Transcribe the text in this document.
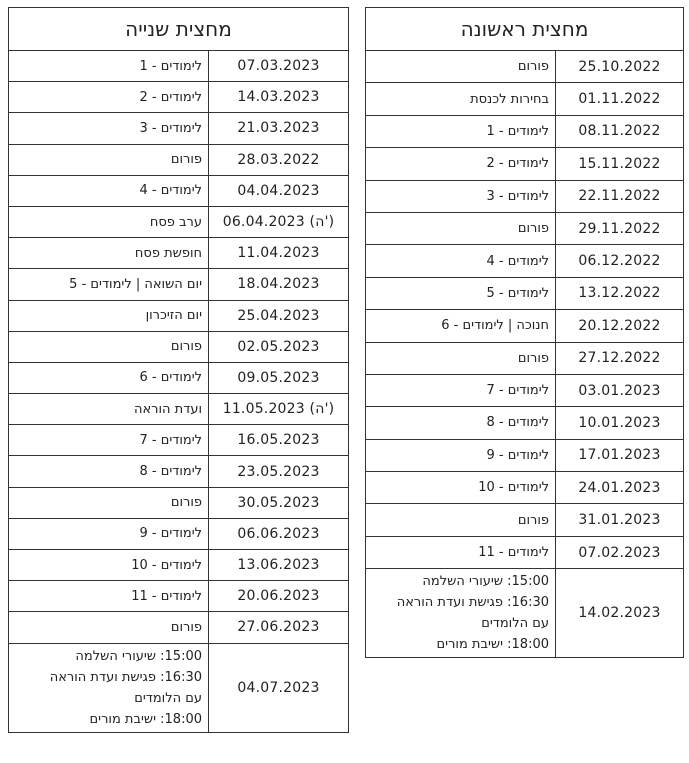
מחצית ראשונה	
25.10.2022	פורום
01.11.2022	בחירות לכנסת
08.11.2022	לימודים - 1
15.11.2022	לימודים - 2
22.11.2022	לימודים - 3
29.11.2022	פורום
06.12.2022	לימודים - 4
13.12.2022	לימודים - 5
20.12.2022	חנוכה | לימודים - 6
27.12.2022	פורום
03.01.2023	לימודים - 7
10.01.2023	לימודים - 8
17.01.2023	לימודים - 9
24.01.2023	לימודים - 10
31.01.2023	פורום
07.02.2023	לימודים - 11
14.02.2023	15:00: שיעורי השלמה
16:30: פגישת ועדת הוראה
עם הלומדים
18:00: ישיבת מורים
מחצית שנייה	
07.03.2023	לימודים - 1
14.03.2023	לימודים - 2
21.03.2023	לימודים - 3
28.03.2022	פורום
04.04.2023	לימודים - 4
06.04.2023 (ה')	ערב פסח
11.04.2023	חופשת פסח
18.04.2023	יום השואה | לימודים - 5
25.04.2023	יום הזיכרון
02.05.2023	פורום
09.05.2023	לימודים - 6
11.05.2023 (ה')	ועדת הוראה
16.05.2023	לימודים - 7
23.05.2023	לימודים - 8
30.05.2023	פורום
06.06.2023	לימודים - 9
13.06.2023	לימודים - 10
20.06.2023	לימודים - 11
27.06.2023	פורום
04.07.2023	15:00: שיעורי השלמה
16:30: פגישת ועדת הוראה
עם הלומדים
18:00: ישיבת מורים
